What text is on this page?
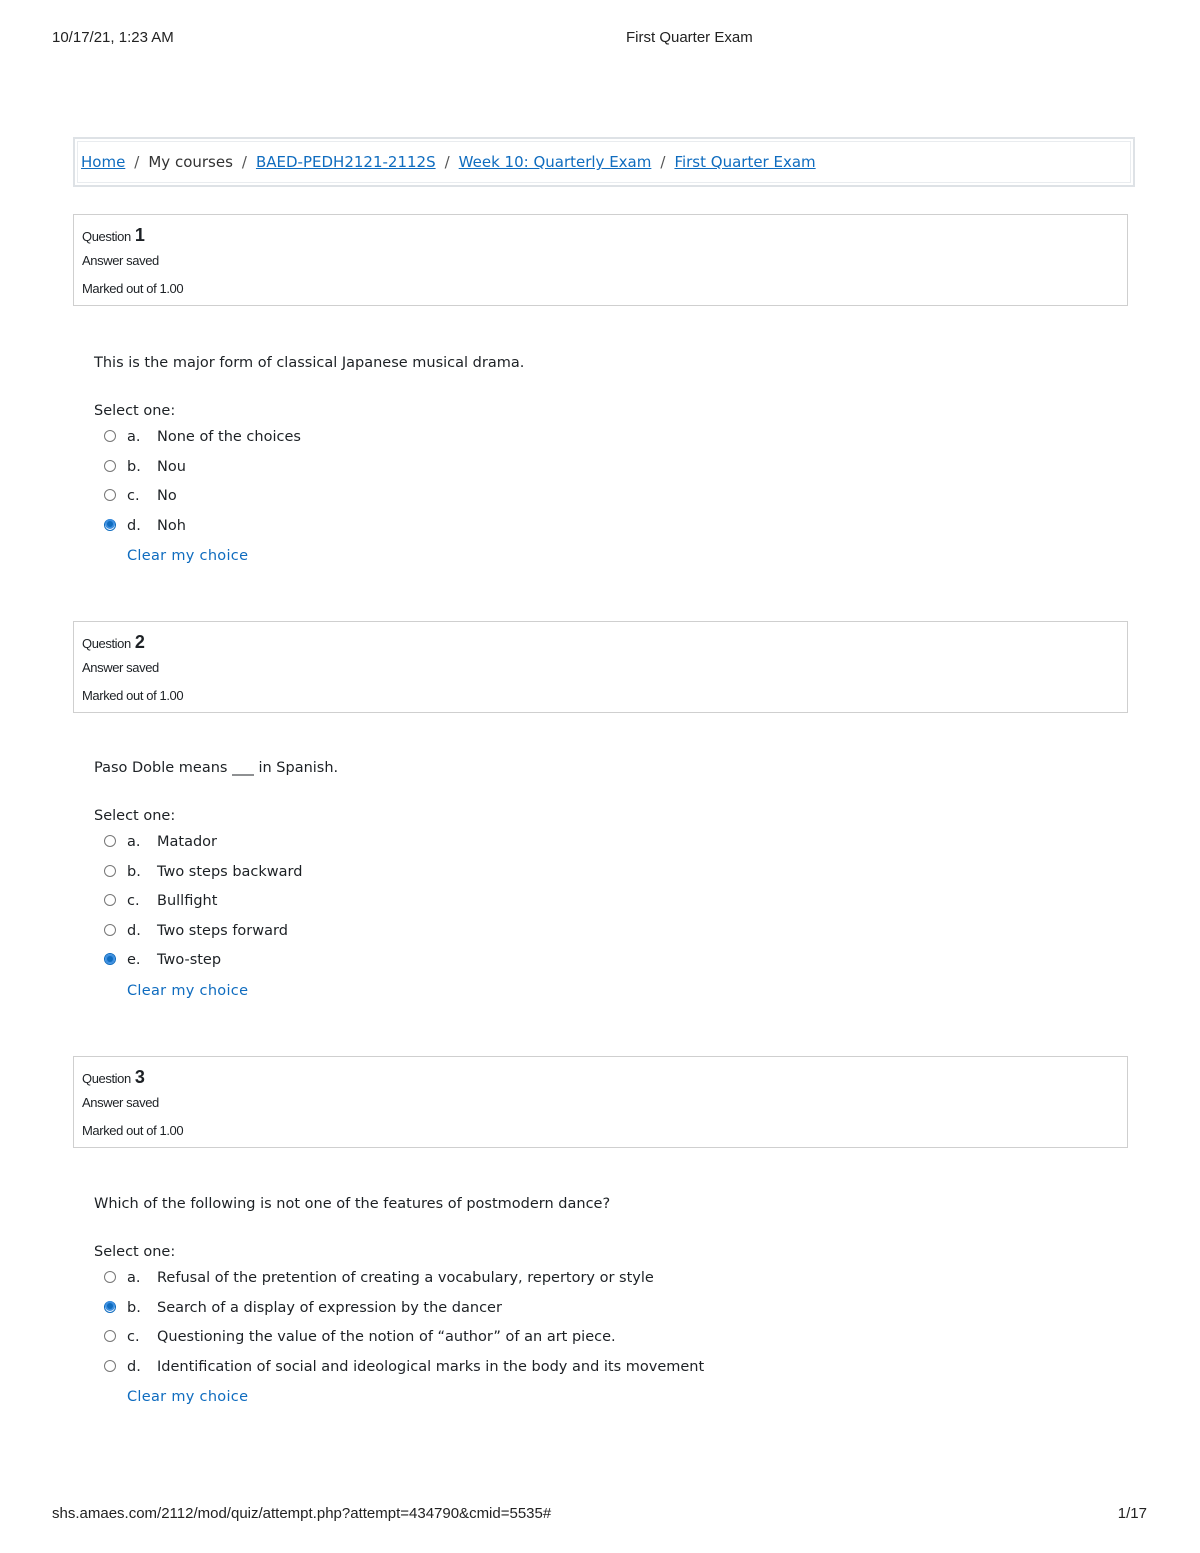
10/17/21, 1:23 AM	First Quarter Exam
Home / My courses / BAED-PEDH2121-2112S / Week 10: Quarterly Exam / First Quarter Exam
Question 1
Answer saved
Marked out of 1.00
This is the major form of classical Japanese musical drama.
Select one:
a. None of the choices
b. Nou
c. No
d. Noh
Clear my choice
Question 2
Answer saved
Marked out of 1.00
Paso Doble means ___ in Spanish.
Select one:
a. Matador
b. Two steps backward
c. Bullfight
d. Two steps forward
e. Two-step
Clear my choice
Question 3
Answer saved
Marked out of 1.00
Which of the following is not one of the features of postmodern dance?
Select one:
a. Refusal of the pretention of creating a vocabulary, repertory or style
b. Search of a display of expression by the dancer
c. Questioning the value of the notion of “author” of an art piece.
d. Identification of social and ideological marks in the body and its movement
Clear my choice
shs.amaes.com/2112/mod/quiz/attempt.php?attempt=434790&cmid=5535#	1/17
